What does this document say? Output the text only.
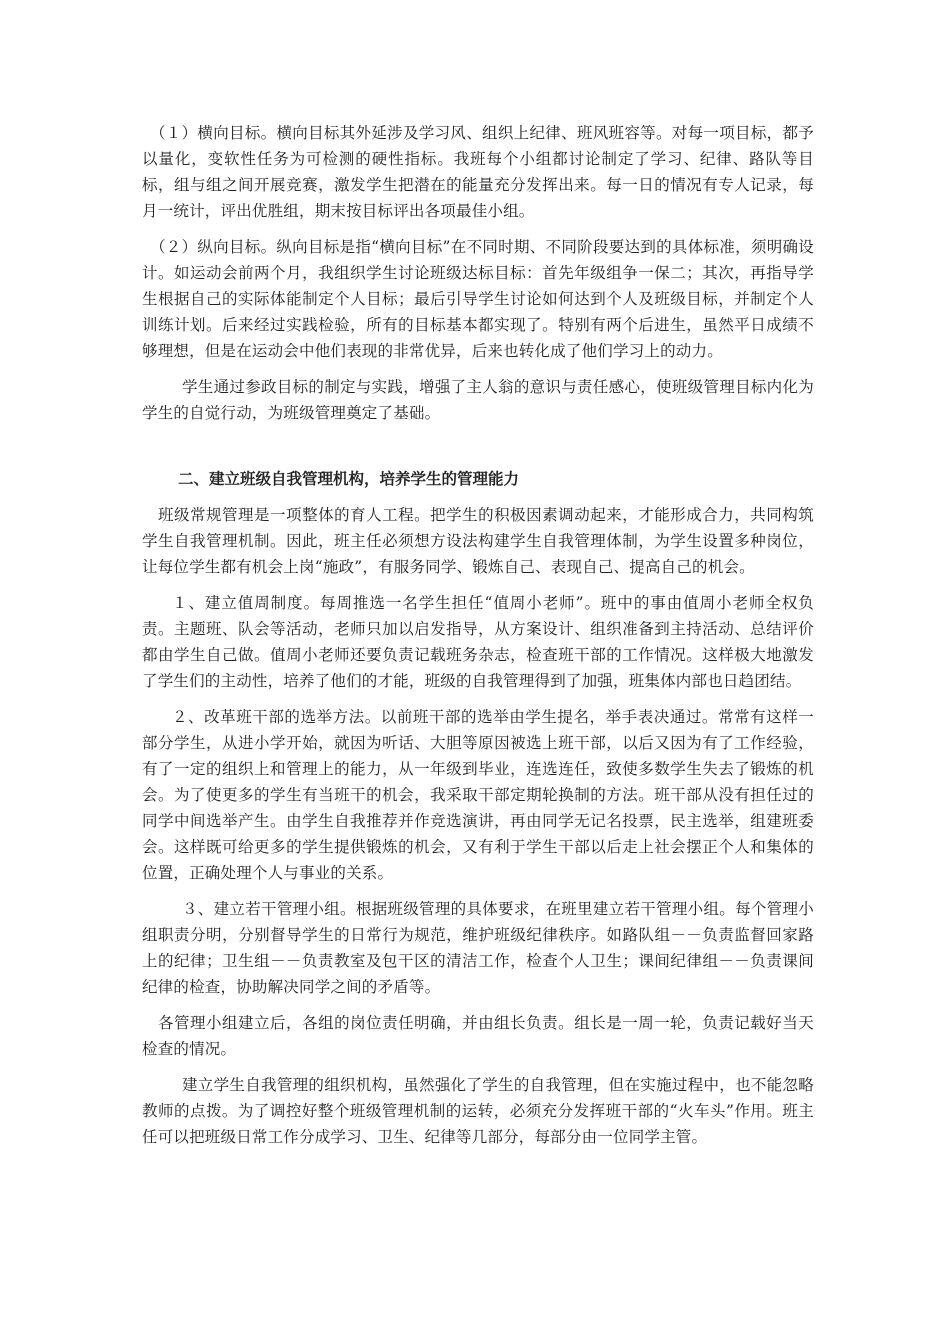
（１）横向目标。横向目标其外延涉及学习风、组织上纪律、班风班容等。对每一项目标，都予以量化，变软性任务为可检测的硬性指标。我班每个小组都讨论制定了学习、纪律、路队等目标，组与组之间开展竞赛，激发学生把潜在的能量充分发挥出来。每一日的情况有专人记录，每月一统计，评出优胜组，期末按目标评出各项最佳小组。

（２）纵向目标。纵向目标是指“横向目标”在不同时期、不同阶段要达到的具体标准，须明确设计。如运动会前两个月，我组织学生讨论班级达标目标：首先年级组争一保二；其次，再指导学生根据自己的实际体能制定个人目标；最后引导学生讨论如何达到个人及班级目标，并制定个人训练计划。后来经过实践检验，所有的目标基本都实现了。特别有两个后进生，虽然平日成绩不够理想，但是在运动会中他们表现的非常优异，后来也转化成了他们学习上的动力。

学生通过参政目标的制定与实践，增强了主人翁的意识与责任感心，使班级管理目标内化为学生的自觉行动，为班级管理奠定了基础。

二、建立班级自我管理机构，培养学生的管理能力

班级常规管理是一项整体的育人工程。把学生的积极因素调动起来，才能形成合力，共同构筑学生自我管理机制。因此，班主任必须想方设法构建学生自我管理体制，为学生设置多种岗位，让每位学生都有机会上岗“施政”，有服务同学、锻炼自己、表现自己、提高自己的机会。

１、建立值周制度。每周推选一名学生担任“值周小老师”。班中的事由值周小老师全权负责。主题班、队会等活动，老师只加以启发指导，从方案设计、组织准备到主持活动、总结评价都由学生自己做。值周小老师还要负责记载班务杂志，检查班干部的工作情况。这样极大地激发了学生们的主动性，培养了他们的才能，班级的自我管理得到了加强，班集体内部也日趋团结。

２、改革班干部的选举方法。以前班干部的选举由学生提名，举手表决通过。常常有这样一部分学生，从进小学开始，就因为听话、大胆等原因被选上班干部，以后又因为有了工作经验，有了一定的组织上和管理上的能力，从一年级到毕业，连选连任，致使多数学生失去了锻炼的机会。为了使更多的学生有当班干的机会，我采取干部定期轮换制的方法。班干部从没有担任过的同学中间选举产生。由学生自我推荐并作竞选演讲，再由同学无记名投票，民主选举，组建班委会。这样既可给更多的学生提供锻炼的机会，又有利于学生干部以后走上社会摆正个人和集体的位置，正确处理个人与事业的关系。

３、建立若干管理小组。根据班级管理的具体要求，在班里建立若干管理小组。每个管理小组职责分明，分别督导学生的日常行为规范，维护班级纪律秩序。如路队组－－负责监督回家路上的纪律；卫生组－－负责教室及包干区的清洁工作，检查个人卫生；课间纪律组－－负责课间纪律的检查，协助解决同学之间的矛盾等。

各管理小组建立后，各组的岗位责任明确，并由组长负责。组长是一周一轮，负责记载好当天检查的情况。

建立学生自我管理的组织机构，虽然强化了学生的自我管理，但在实施过程中，也不能忽略教师的点拨。为了调控好整个班级管理机制的运转，必须充分发挥班干部的“火车头”作用。班主任可以把班级日常工作分成学习、卫生、纪律等几部分，每部分由一位同学主管。
